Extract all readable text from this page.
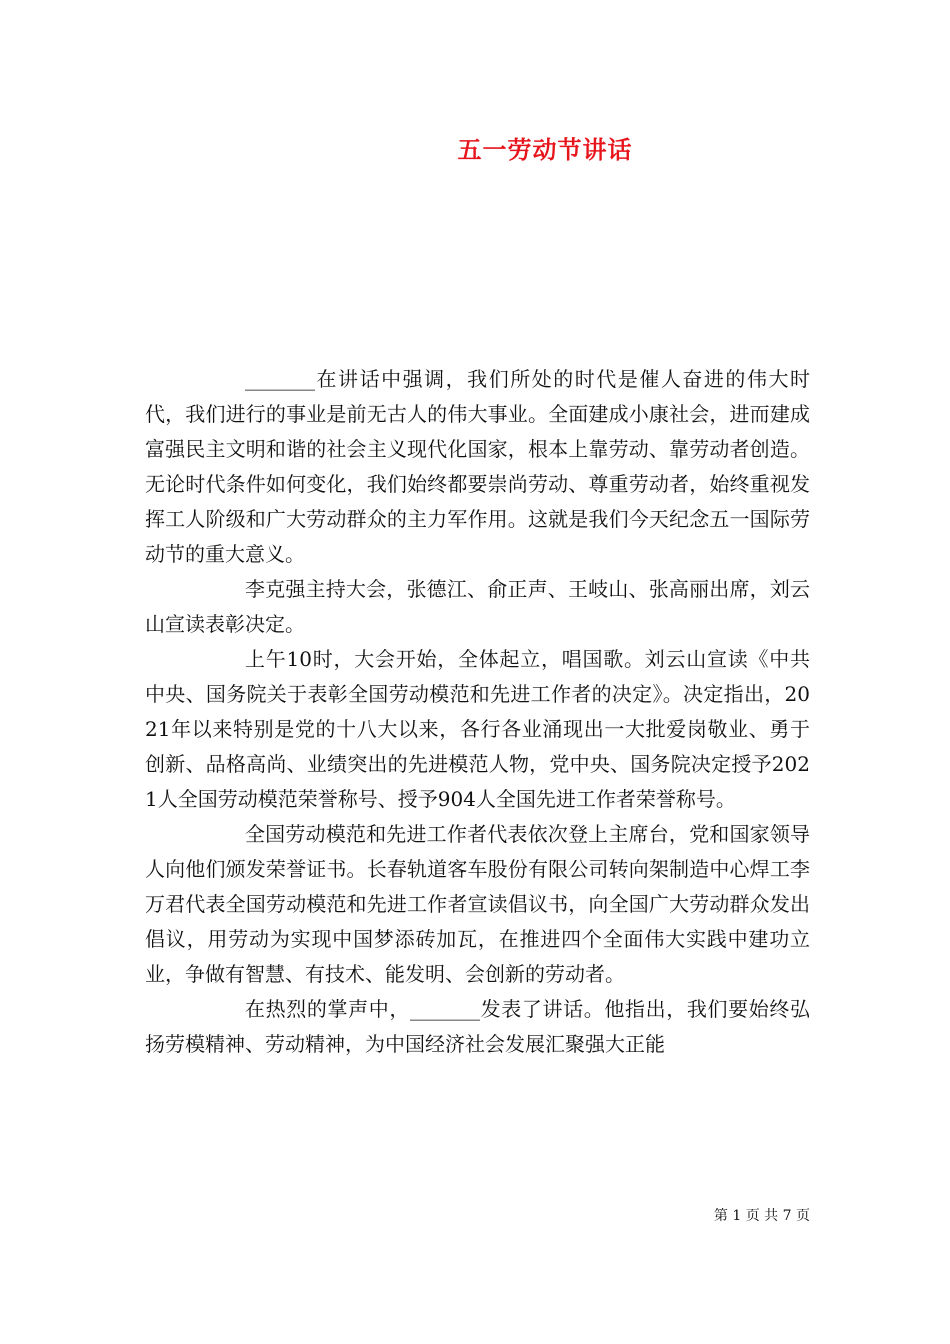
五一劳动节讲话

_______在讲话中强调，我们所处的时代是催人奋进的伟大时代，我们进行的事业是前无古人的伟大事业。全面建成小康社会，进而建成富强民主文明和谐的社会主义现代化国家，根本上靠劳动、靠劳动者创造。无论时代条件如何变化，我们始终都要崇尚劳动、尊重劳动者，始终重视发挥工人阶级和广大劳动群众的主力军作用。这就是我们今天纪念五一国际劳动节的重大意义。

李克强主持大会，张德江、俞正声、王岐山、张高丽出席，刘云山宣读表彰决定。

上午10时，大会开始，全体起立，唱国歌。刘云山宣读《中共中央、国务院关于表彰全国劳动模范和先进工作者的决定》。决定指出，2021年以来特别是党的十八大以来，各行各业涌现出一大批爱岗敬业、勇于创新、品格高尚、业绩突出的先进模范人物，党中央、国务院决定授予2021人全国劳动模范荣誉称号、授予904人全国先进工作者荣誉称号。

全国劳动模范和先进工作者代表依次登上主席台，党和国家领导人向他们颁发荣誉证书。长春轨道客车股份有限公司转向架制造中心焊工李万君代表全国劳动模范和先进工作者宣读倡议书，向全国广大劳动群众发出倡议，用劳动为实现中国梦添砖加瓦，在推进四个全面伟大实践中建功立业，争做有智慧、有技术、能发明、会创新的劳动者。

在热烈的掌声中，_______发表了讲话。他指出，我们要始终弘扬劳模精神、劳动精神，为中国经济社会发展汇聚强大正能

第 1 页 共 7 页
